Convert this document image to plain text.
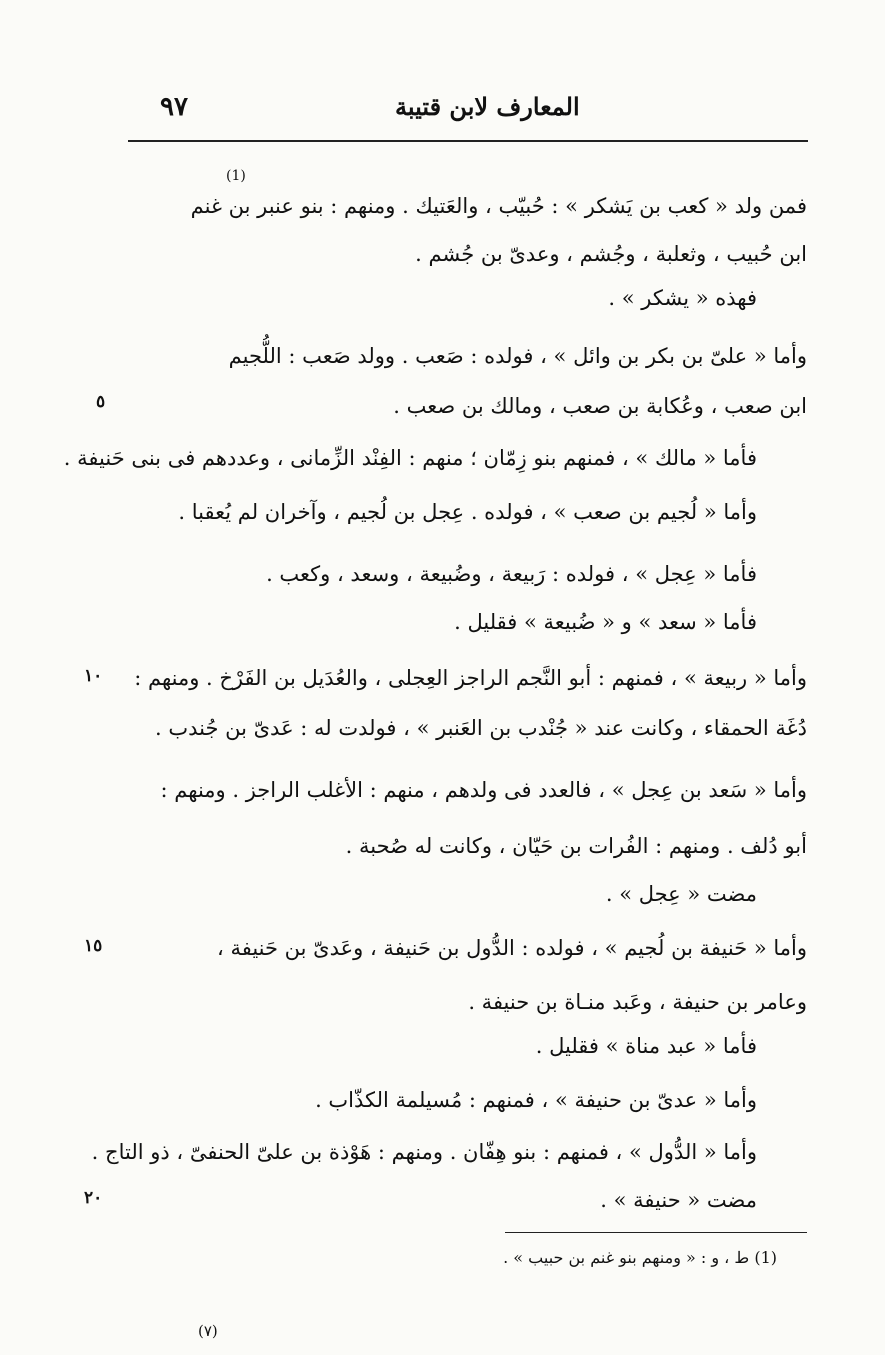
٩٧	المعارف لابن قتيبة
(1)
فمن ولد « كعب بن يَشكر » : حُبيّب ، والعَتيك . ومنهم : بنو عنبر بن غنم
ابن حُبيب ، وثعلبة ، وجُشم ، وعدىّ بن جُشم .
فهذه « يشكر » .
وأما « علىّ بن بكر بن وائل » ، فولده : صَعب . وولد صَعب : اللُّجيم
ابن صعب ، وعُكابة بن صعب ، ومالك بن صعب .
فأما « مالك » ، فمنهم بنو زِمّان ؛ منهم : الفِنْد الزِّمانى ، وعددهم فى بنى حَنيفة .
وأما « لُجيم بن صعب » ، فولده . عِجل بن لُجيم ، وآخران لم يُعقبا .
فأما « عِجل » ، فولده : رَبيعة ، وضُبيعة ، وسعد ، وكعب .
فأما « سعد » و « ضُبيعة » فقليل .
وأما « ربيعة » ، فمنهم : أبو النَّجم الراجز العِجلى ، والعُدَيل بن الفَرْخ . ومنهم :
دُغَة الحمقاء ، وكانت عند « جُنْدب بن العَنبر » ، فولدت له : عَدىّ بن جُندب .
وأما « سَعد بن عِجل » ، فالعدد فى ولدهم ، منهم : الأغلب الراجز . ومنهم :
أبو دُلف . ومنهم : الفُرات بن حَيّان ، وكانت له صُحبة .
مضت « عِجل » .
وأما « حَنيفة بن لُجيم » ، فولده : الدُّول بن حَنيفة ، وعَدىّ بن حَنيفة ،
وعامر بن حنيفة ، وعَبد منـاة بن حنيفة .
فأما « عبد مناة » فقليل .
وأما « عدىّ بن حنيفة » ، فمنهم : مُسيلمة الكذّاب .
وأما « الدُّول » ، فمنهم : بنو هِفّان . ومنهم : هَوْذة بن علىّ الحنفىّ ، ذو التاج .
مضت « حنيفة » .
٥
١٠
١٥
٢٠
(1) ط ، و : « ومنهم بنو غنم بن حبيب » .
(٧)
